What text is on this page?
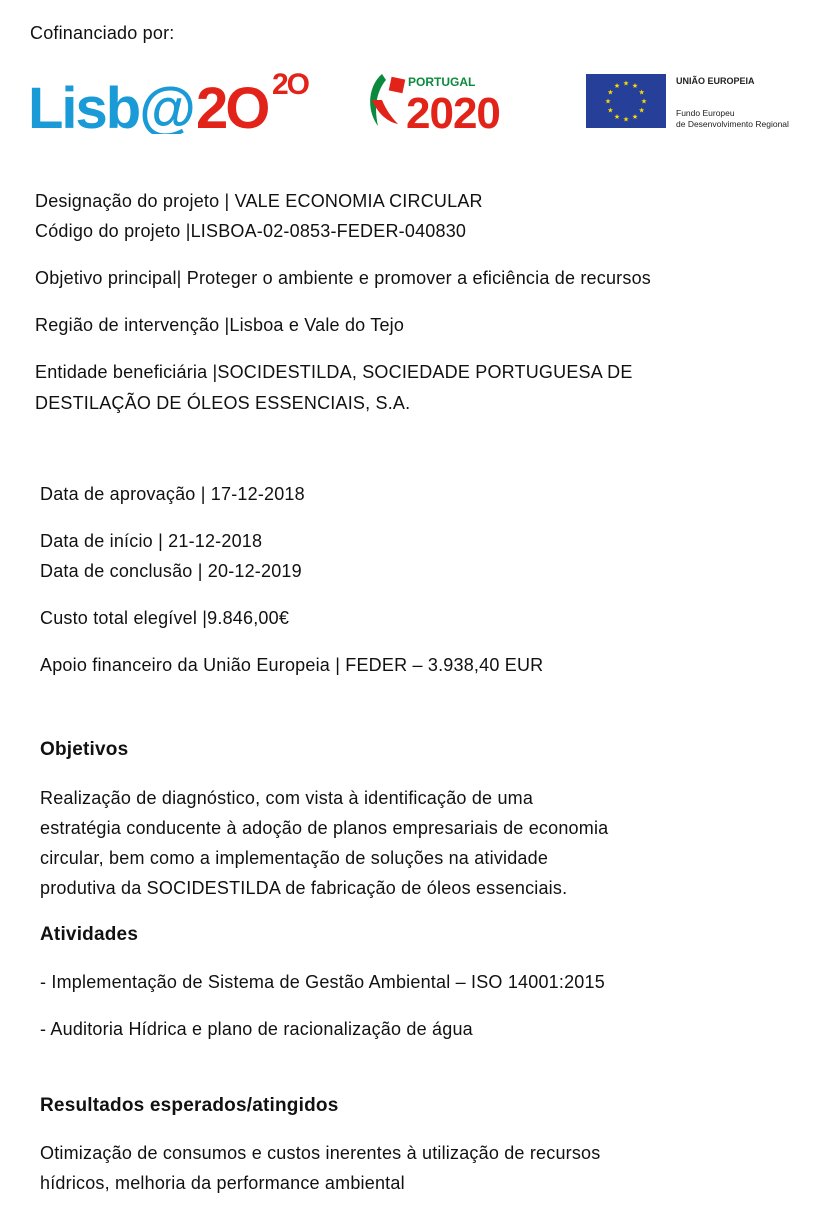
Cofinanciado por:
Lisb@ 2O 2O	PORTUGAL
2020
★ ★
★
★
★
★
★
★
★
★
★
★
UNIÃO EUROPEIA
Fundo Europeu
de Desenvolvimento Regional
Designação do projeto | VALE ECONOMIA CIRCULAR
Código do projeto |LISBOA-02-0853-FEDER-040830
Objetivo principal| Proteger o ambiente e promover a eficiência de recursos
Região de intervenção |Lisboa e Vale do Tejo
Entidade beneficiária |SOCIDESTILDA, SOCIEDADE PORTUGUESA DE
DESTILAÇÃO DE ÓLEOS ESSENCIAIS, S.A.
Data de aprovação | 17-12-2018
Data de início | 21-12-2018
Data de conclusão | 20-12-2019
Custo total elegível |9.846,00€
Apoio financeiro da União Europeia | FEDER – 3.938,40 EUR
Objetivos
Realização de diagnóstico, com vista à identificação de uma
estratégia conducente à adoção de planos empresariais de economia
circular, bem como a implementação de soluções na atividade
produtiva da SOCIDESTILDA de fabricação de óleos essenciais.
Atividades
- Implementação de Sistema de Gestão Ambiental – ISO 14001:2015
- Auditoria Hídrica e plano de racionalização de água
Resultados esperados/atingidos
Otimização de consumos e custos inerentes à utilização de recursos
hídricos, melhoria da performance ambiental
